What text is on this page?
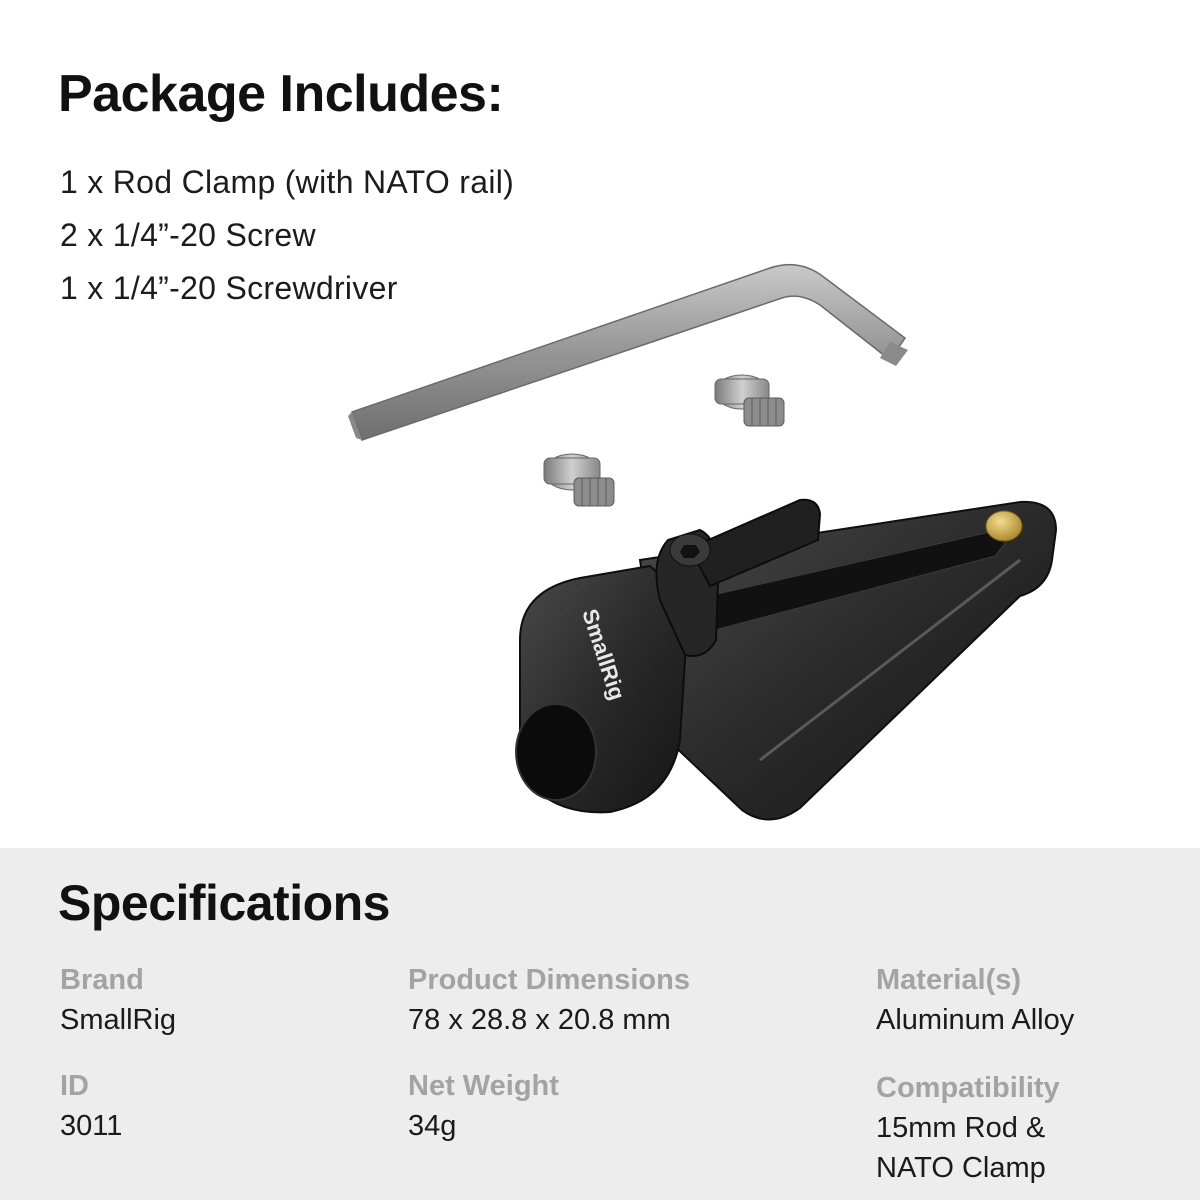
Package Includes:
1 x Rod Clamp (with NATO rail)
2 x 1/4”-20 Screw
1 x 1/4”-20 Screwdriver
SmallRig
Specifications
Brand
SmallRig
Product Dimensions
78 x 28.8 x 20.8 mm
Material(s)
Aluminum Alloy
ID
3011
Net Weight
34g
Compatibility
15mm Rod &
NATO Clamp
